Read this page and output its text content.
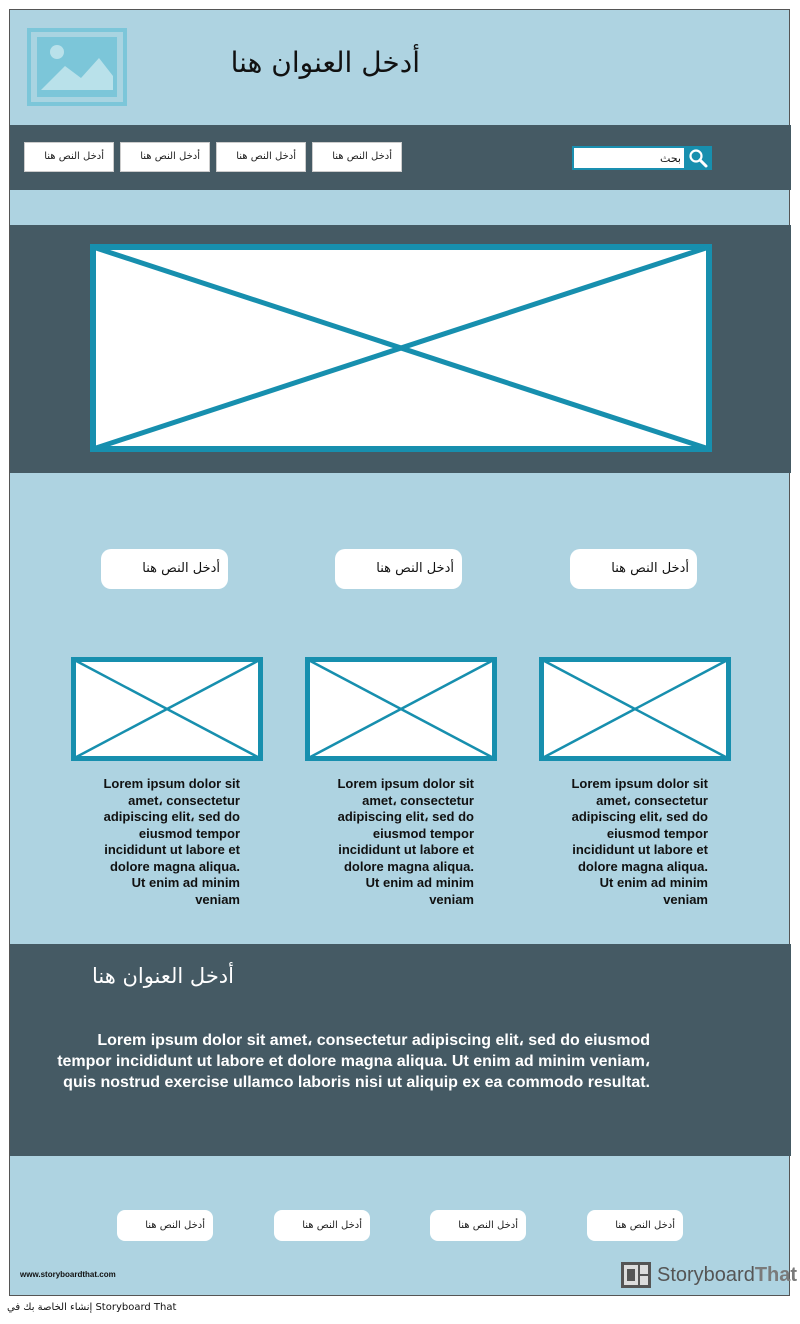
أدخل العنوان هنا
أدخل النص هنا	أدخل النص هنا	أدخل النص هنا	أدخل النص هنا
بحث
أدخل النص هنا	أدخل النص هنا	أدخل النص هنا
Lorem ipsum dolor sit amet، consectetur adipiscing elit، sed do eiusmod tempor incididunt ut labore et dolore magna aliqua. Ut enim ad minim veniam
Lorem ipsum dolor sit amet، consectetur adipiscing elit، sed do eiusmod tempor incididunt ut labore et dolore magna aliqua. Ut enim ad minim veniam
Lorem ipsum dolor sit amet، consectetur adipiscing elit، sed do eiusmod tempor incididunt ut labore et dolore magna aliqua. Ut enim ad minim veniam
أدخل العنوان هنا
Lorem ipsum dolor sit amet، consectetur adipiscing elit، sed do eiusmod tempor incididunt ut labore et dolore magna aliqua. Ut enim ad minim veniam، quis nostrud exercise ullamco laboris nisi ut aliquip ex ea commodo resultat.
أدخل النص هنا	أدخل النص هنا	أدخل النص هنا	أدخل النص هنا
www.storyboardthat.com	StoryboardThat
إنشاء الخاصة بك في Storyboard That
